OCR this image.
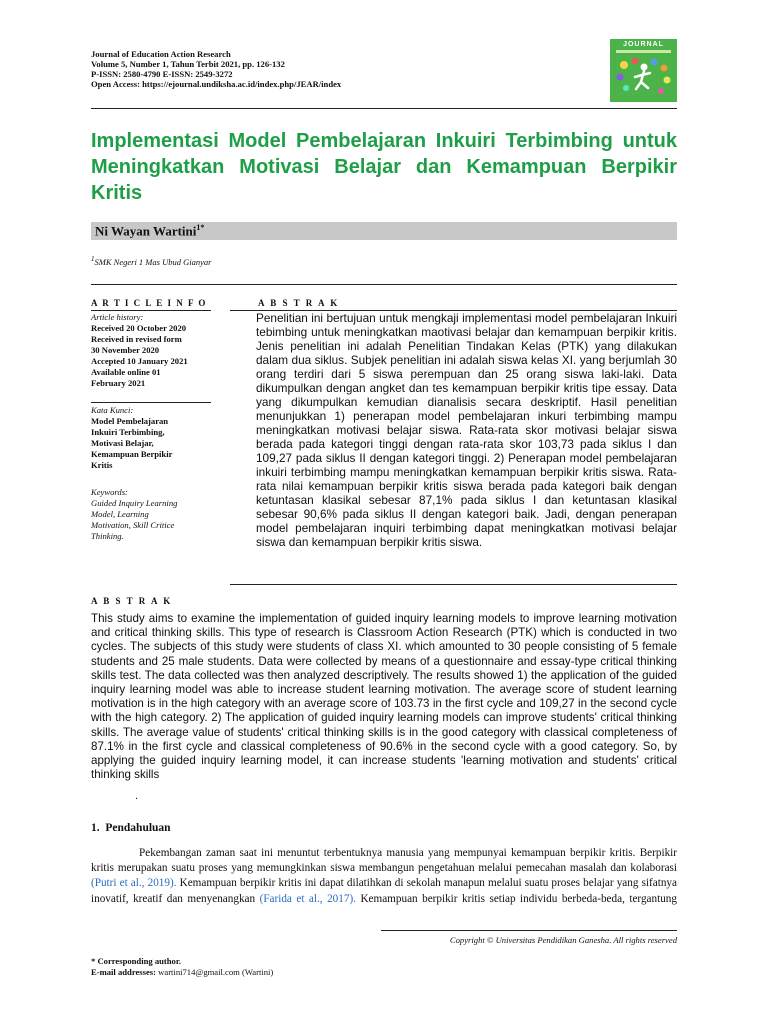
Journal of Education Action Research
Volume 5, Number 1, Tahun Terbit 2021, pp. 126-132
P-ISSN: 2580-4790 E-ISSN: 2549-3272
Open Access: https://ejournal.undiksha.ac.id/index.php/JEAR/index
JOURNAL
Implementasi Model Pembelajaran Inkuiri Terbimbing untuk Meningkatkan Motivasi Belajar dan Kemampuan Berpikir Kritis
Ni Wayan Wartini$^{1*}$
$^1$SMK Negeri 1 Mas Ubud Gianyar
A R T I C L E I N F O
Article history:
Received 20 October 2020
Received in revised form
30 November 2020
Accepted 10 January 2021
Available online 01
February 2021
Kata Kunci:
Model Pembelajaran
Inkuiri Terbimbing,
Motivasi Belajar,
Kemampuan Berpikir
Kritis
Keywords:
Guided Inquiry Learning
Model, Learning
Motivation, Skill Critice
Thinking.
A B S T R A K
Penelitian ini bertujuan untuk mengkaji implementasi model pembelajaran Inkuiri tebimbing untuk meningkatkan maotivasi belajar dan kemampuan berpikir kritis. Jenis penelitian ini adalah Penelitian Tindakan Kelas (PTK) yang dilakukan dalam dua siklus. Subjek penelitian ini adalah siswa kelas XI. yang berjumlah 30 orang terdiri dari 5 siswa perempuan dan 25 orang siswa laki-laki. Data dikumpulkan dengan angket dan tes kemampuan berpikir kritis tipe essay. Data yang dikumpulkan kemudian dianalisis secara deskriptif. Hasil penelitian menunjukkan 1) penerapan model pembelajaran inkuri terbimbing mampu meningkatkan motivasi belajar siswa. Rata-rata skor motivasi belajar siswa berada pada kategori tinggi dengan rata-rata skor 103,73 pada siklus I dan 109,27 pada siklus II dengan kategori tinggi. 2) Penerapan model pembelajaran inkuiri terbimbing mampu meningkatkan kemampuan berpikir kritis siswa. Rata-rata nilai kemampuan berpikir kritis siswa berada pada kategori baik dengan ketuntasan klasikal sebesar 87,1% pada siklus I dan ketuntasan klasikal sebesar 90,6% pada siklus II dengan kategori baik. Jadi, dengan penerapan model pembelajaran inquiri terbimbing dapat meningkatkan motivasi belajar siswa dan kemampuan berpikir kritis siswa.
A B S T R A K
This study aims to examine the implementation of guided inquiry learning models to improve learning motivation and critical thinking skills. This type of research is Classroom Action Research (PTK) which is conducted in two cycles. The subjects of this study were students of class XI. which amounted to 30 people consisting of 5 female students and 25 male students. Data were collected by means of a questionnaire and essay-type critical thinking skills test. The data collected was then analyzed descriptively. The results showed 1) the application of the guided inquiry learning model was able to increase student learning motivation. The average score of student learning motivation is in the high category with an average score of 103.73 in the first cycle and 109,27 in the second cycle with the high category. 2) The application of guided inquiry learning models can improve students' critical thinking skills. The average value of students' critical thinking skills is in the good category with classical completeness of 87.1% in the first cycle and classical completeness of 90.6% in the second cycle with a good category. So, by applying the guided inquiry learning model, it can increase students 'learning motivation and students' critical thinking skills
.
1. Pendahuluan
Pekembangan zaman saat ini menuntut terbentuknya manusia yang mempunyai kemampuan berpikir kritis. Berpikir kritis merupakan suatu proses yang memungkinkan siswa membangun pengetahuan melalui pemecahan masalah dan kolaborasi (Putri et al., 2019). Kemampuan berpikir kritis ini dapat dilatihkan di sekolah manapun melalui suatu proses belajar yang sifatnya inovatif, kreatif dan menyenangkan (Farida et al., 2017). Kemampuan berpikir kritis setiap individu berbeda-beda, tergantung
Copyright © Universitas Pendidikan Ganesha. All rights reserved
* Corresponding author.
E-mail addresses: wartini714@gmail.com (Wartini)
